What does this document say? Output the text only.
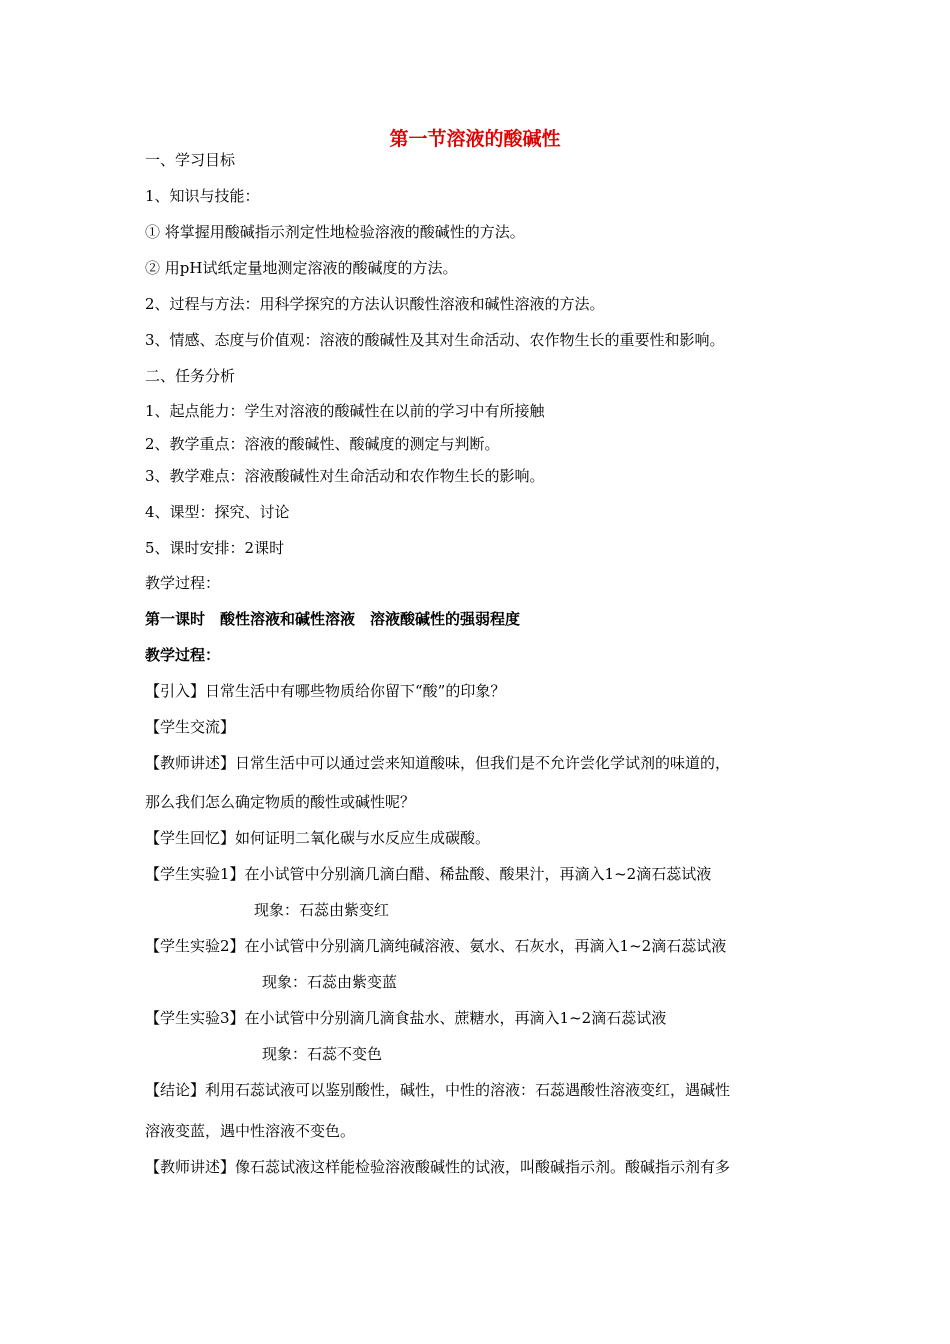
第一节溶液的酸碱性
一、学习目标
1、知识与技能：
① 将掌握用酸碱指示剂定性地检验溶液的酸碱性的方法。
② 用pH试纸定量地测定溶液的酸碱度的方法。
2、过程与方法：用科学探究的方法认识酸性溶液和碱性溶液的方法。
3、情感、态度与价值观：溶液的酸碱性及其对生命活动、农作物生长的重要性和影响。
二、任务分析
1、起点能力：学生对溶液的酸碱性在以前的学习中有所接触
2、教学重点：溶液的酸碱性、酸碱度的测定与判断。
3、教学难点：溶液酸碱性对生命活动和农作物生长的影响。
4、课型：探究、讨论
5、课时安排：2课时
教学过程：
第一课时　酸性溶液和碱性溶液　溶液酸碱性的强弱程度
教学过程：
【引入】日常生活中有哪些物质给你留下“酸”的印象？
【学生交流】
【教师讲述】日常生活中可以通过尝来知道酸味，但我们是不允许尝化学试剂的味道的，
那么我们怎么确定物质的酸性或碱性呢？
【学生回忆】如何证明二氧化碳与水反应生成碳酸。
【学生实验1】在小试管中分别滴几滴白醋、稀盐酸、酸果汁，再滴入1~2滴石蕊试液
现象：石蕊由紫变红
【学生实验2】在小试管中分别滴几滴纯碱溶液、氨水、石灰水，再滴入1~2滴石蕊试液
现象：石蕊由紫变蓝
【学生实验3】在小试管中分别滴几滴食盐水、蔗糖水，再滴入1~2滴石蕊试液
现象：石蕊不变色
【结论】利用石蕊试液可以鉴别酸性，碱性，中性的溶液：石蕊遇酸性溶液变红，遇碱性
溶液变蓝，遇中性溶液不变色。
【教师讲述】像石蕊试液这样能检验溶液酸碱性的试液，叫酸碱指示剂。酸碱指示剂有多
